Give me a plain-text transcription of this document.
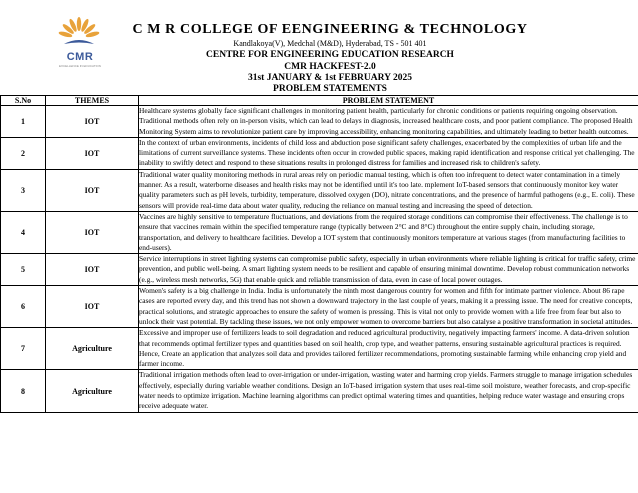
CMR
EXCELLENCE IN EDUCATION
C M R COLLEGE OF EENGINEERING & TECHNOLOGY
Kandlakoya(V), Medchal (M&D), Hyderabad, TS - 501 401
CENTRE FOR ENGINEERING EDUCATION RESEARCH
CMR HACKFEST-2.0
31st JANUARY & 1st FEBRUARY 2025
PROBLEM STATEMENTS
S.No	THEMES	PROBLEM STATEMENT
1	IOT	Healthcare systems globally face significant challenges in monitoring patient health, particularly for chronic conditions or patients requiring ongoing observation. Traditional methods often rely on in-person visits, which can lead to delays in diagnosis, increased healthcare costs, and poor patient compliance. The proposed Health Monitoring System aims to revolutionize patient care by improving accessibility, enhancing monitoring capabilities, and ultimately leading to better health outcomes.
2	IOT	In the context of urban environments, incidents of child loss and abduction pose significant safety challenges, exacerbated by the complexities of urban life and the limitations of current surveillance systems. These incidents often occur in crowded public spaces, making rapid identification and response critical yet challenging. The inability to swiftly detect and respond to these situations results in prolonged distress for families and increased risk to children's safety.
3	IOT	Traditional water quality monitoring methods in rural areas rely on periodic manual testing, which is often too infrequent to detect water contamination in a timely manner. As a result, waterborne diseases and health risks may not be identified until it's too late. mplement IoT-based sensors that continuously monitor key water quality parameters such as pH levels, turbidity, temperature, dissolved oxygen (DO), nitrate concentrations, and the presence of harmful pathogens (e.g., E. coli). These sensors will provide real-time data about water quality, reducing the reliance on manual testing and increasing the speed of detection.
4	IOT	Vaccines are highly sensitive to temperature fluctuations, and deviations from the required storage conditions can compromise their effectiveness. The challenge is to ensure that vaccines remain within the specified temperature range (typically between 2°C and 8°C) throughout the entire supply chain, including storage, transportation, and delivery to healthcare facilities. Develop a IOT system that continuously monitors temperature at various stages (from manufacturing facilities to end-users).
5	IOT	Service interruptions in street lighting systems can compromise public safety, especially in urban environments where reliable lighting is critical for traffic safety, crime prevention, and public well-being. A smart lighting system needs to be resilient and capable of ensuring minimal downtime. Develop robust communication networks (e.g., wireless mesh networks, 5G) that enable quick and reliable transmission of data, even in case of local power outages.
6	IOT	Women's safety is a big challenge in India. India is unfortunately the ninth most dangerous country for women and fifth for intimate partner violence. About 86 rape cases are reported every day, and this trend has not shown a downward trajectory in the last couple of years, making it a pressing issue. The need for creative concepts, practical solutions, and strategic approaches to ensure the safety of women is pressing. This is vital not only to provide women with a life free from fear but also to unlock their vast potential. By tackling these issues, we not only empower women to overcome barriers but also catalyse a positive transformation in societal attitudes.
7	Agriculture	Excessive and improper use of fertilizers leads to soil degradation and reduced agricultural productivity, negatively impacting farmers' income. A data-driven solution that recommends optimal fertilizer types and quantities based on soil health, crop type, and weather patterns, ensuring sustainable agricultural practices is required. Hence, Create an application that analyzes soil data and provides tailored fertilizer recommendations, promoting sustainable farming while enhancing crop yield and farmer income.
8	Agriculture	Traditional irrigation methods often lead to over-irrigation or under-irrigation, wasting water and harming crop yields. Farmers struggle to manage irrigation schedules effectively, especially during variable weather conditions. Design an IoT-based irrigation system that uses real-time soil moisture, weather forecasts, and crop-specific water needs to optimize irrigation. Machine learning algorithms can predict optimal watering times and quantities, helping reduce water wastage and ensuring crops receive adequate water.
